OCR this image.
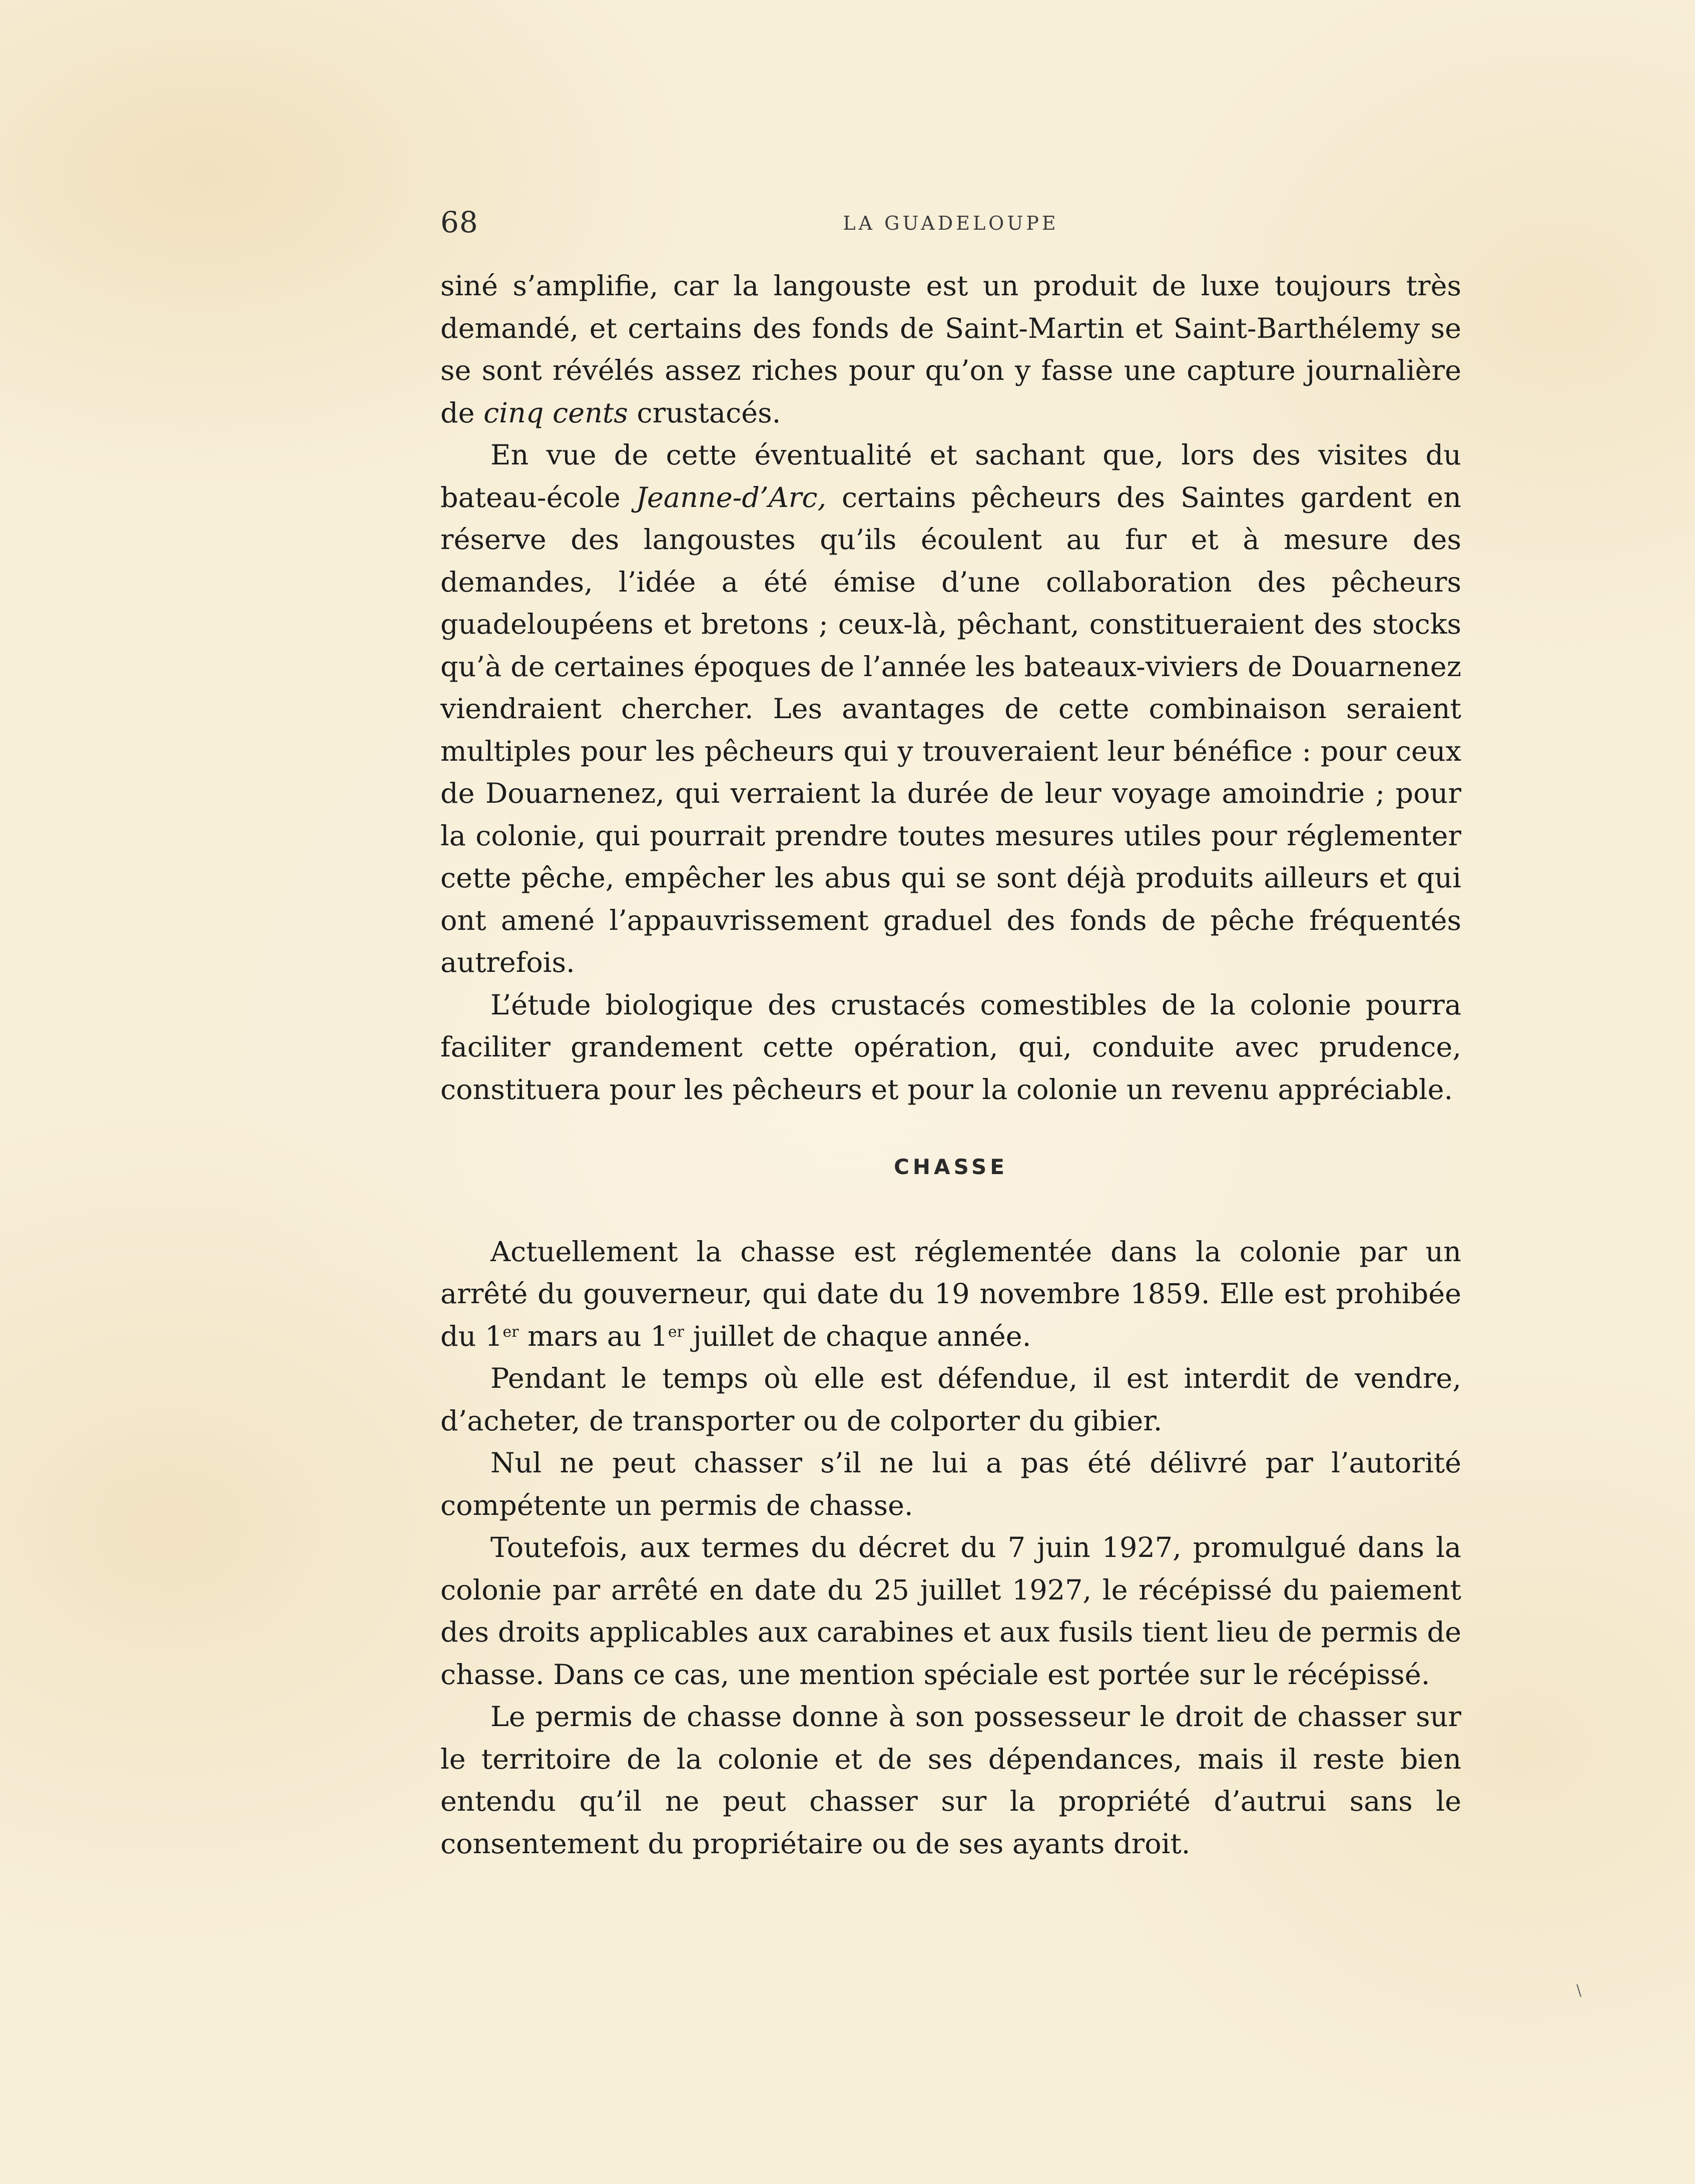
68	LA GUADELOUPE

siné s’amplifie, car la langouste est un produit de luxe toujours très demandé, et certains des fonds de Saint-Martin et Saint-Barthélemy se se sont révélés assez riches pour qu’on y fasse une capture journalière de cinq cents crustacés.

En vue de cette éventualité et sachant que, lors des visites du bateau-école Jeanne-d’Arc, certains pêcheurs des Saintes gardent en réserve des langoustes qu’ils écoulent au fur et à mesure des demandes, l’idée a été émise d’une collaboration des pêcheurs guadeloupéens et bretons ; ceux-là, pêchant, constitueraient des stocks qu’à de certaines époques de l’année les bateaux-viviers de Douarnenez viendraient chercher. Les avantages de cette combinaison seraient multiples pour les pêcheurs qui y trouveraient leur bénéfice : pour ceux de Douarnenez, qui verraient la durée de leur voyage amoindrie ; pour la colonie, qui pourrait prendre toutes mesures utiles pour réglementer cette pêche, empêcher les abus qui se sont déjà produits ailleurs et qui ont amené l’appauvrissement graduel des fonds de pêche fréquentés autrefois.

L’étude biologique des crustacés comestibles de la colonie pourra faciliter grandement cette opération, qui, conduite avec prudence, constituera pour les pêcheurs et pour la colonie un revenu appréciable.

CHASSE

Actuellement la chasse est réglementée dans la colonie par un arrêté du gouverneur, qui date du 19 novembre 1859. Elle est prohibée du 1er mars au 1er juillet de chaque année.

Pendant le temps où elle est défendue, il est interdit de vendre, d’acheter, de transporter ou de colporter du gibier.

Nul ne peut chasser s’il ne lui a pas été délivré par l’autorité compétente un permis de chasse.

Toutefois, aux termes du décret du 7 juin 1927, promulgué dans la colonie par arrêté en date du 25 juillet 1927, le récépissé du paiement des droits applicables aux carabines et aux fusils tient lieu de permis de chasse. Dans ce cas, une mention spéciale est portée sur le récépissé.

Le permis de chasse donne à son possesseur le droit de chasser sur le territoire de la colonie et de ses dépendances, mais il reste bien entendu qu’il ne peut chasser sur la propriété d’autrui sans le consentement du propriétaire ou de ses ayants droit.

\
